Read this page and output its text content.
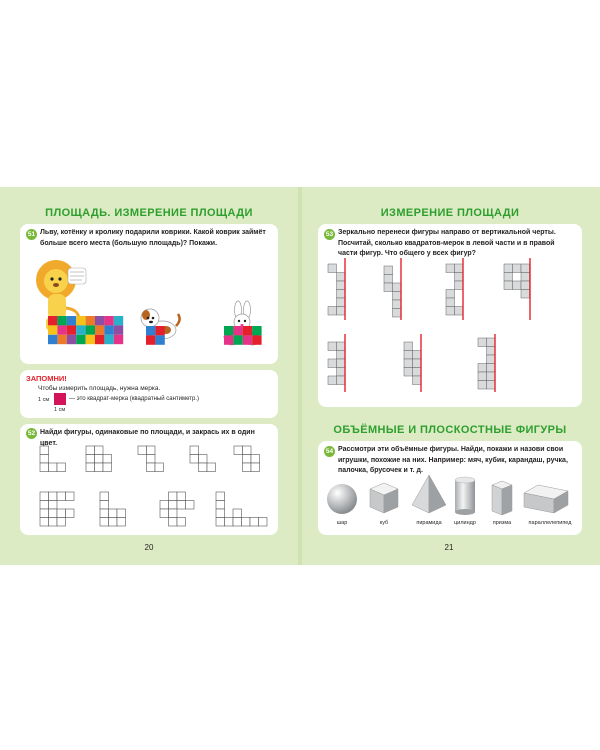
ПЛОЩАДЬ. ИЗМЕРЕНИЕ ПЛОЩАДИ
51 Льву, котёнку и кролику подарили коврики. Какой коврик займёт больше всего места (большую площадь)? Покажи.
ЗАПОМНИ!
Чтобы измерить площадь, нужна мерка.
1 см
1 см
— это квадрат-мерка (квадратный сантиметр.)
52 Найди фигуры, одинаковые по площади, и закрась их в один цвет.
20
ИЗМЕРЕНИЕ ПЛОЩАДИ
53 Зеркально перенеси фигуры направо от вертикальной черты. Посчитай, сколько квадратов-мерок в левой части и в правой части фигур. Что общего у всех фигур?
ОБЪЁМНЫЕ И ПЛОСКОСТНЫЕ ФИГУРЫ
54 Рассмотри эти объёмные фигуры. Найди, покажи и назови свои игрушки, похожие на них. Например: мяч, кубик, карандаш, ручка, палочка, брусочек и т. д.
шар	куб	пирамида	цилиндр	призма	параллелепипед
21
